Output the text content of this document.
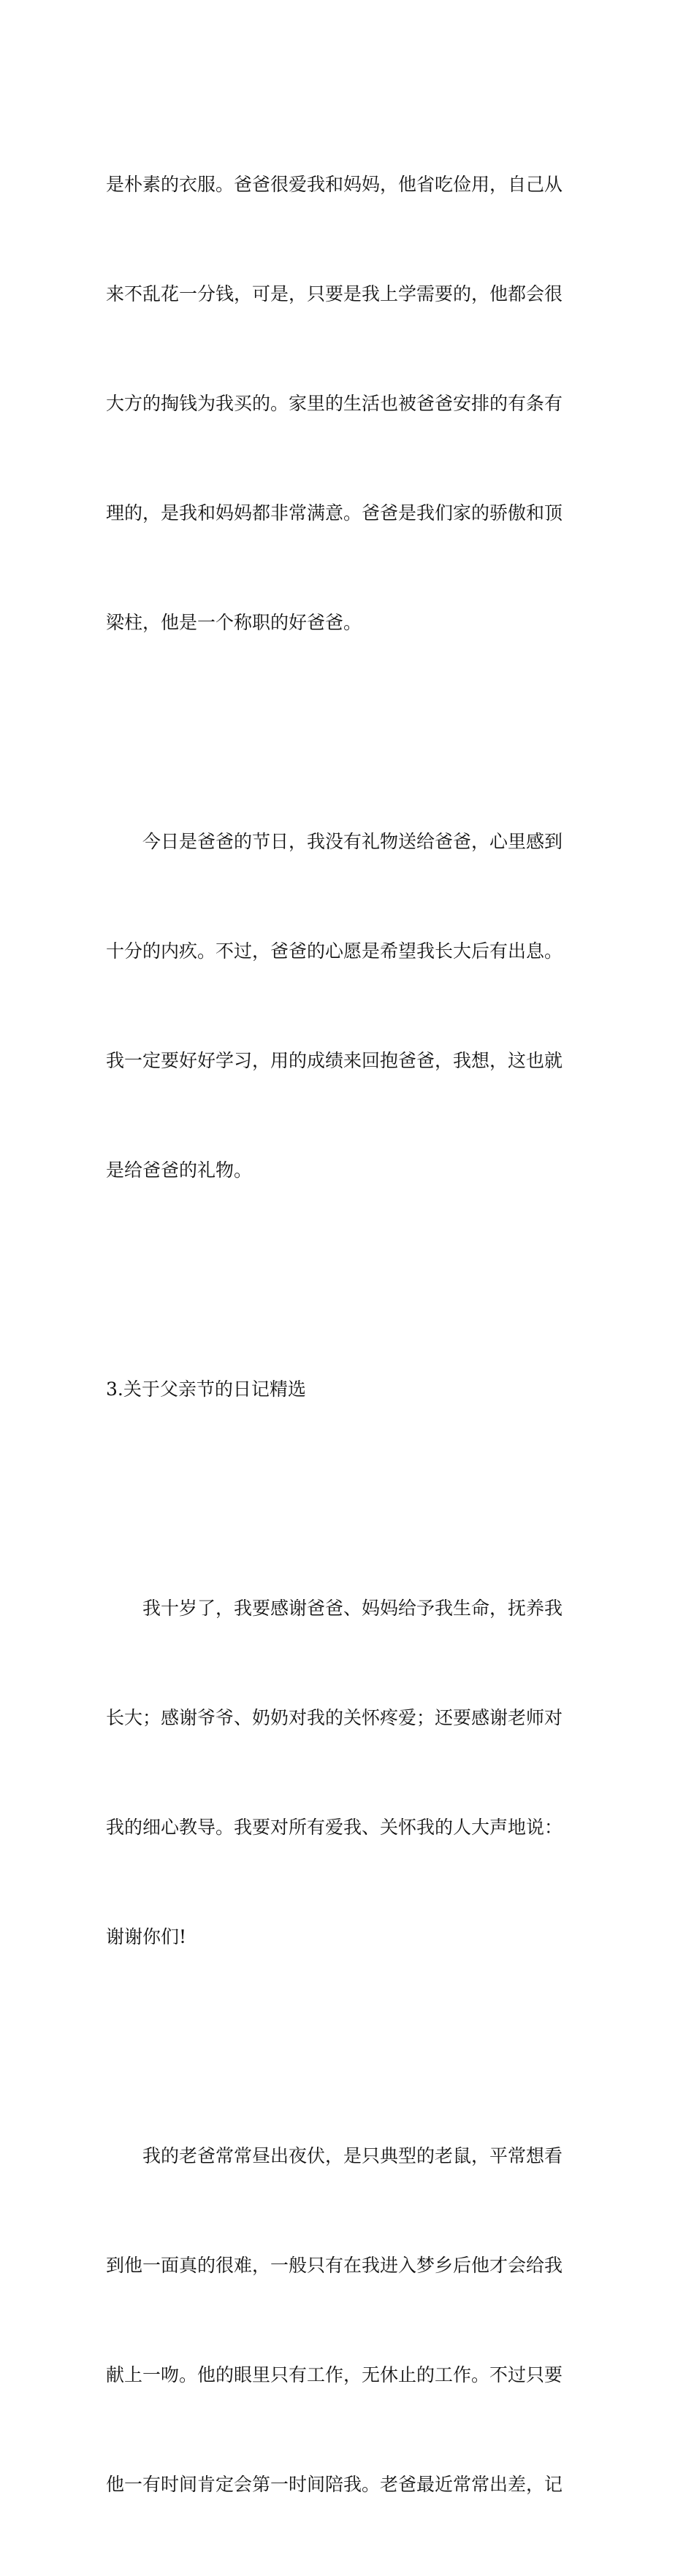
是朴素的衣服。爸爸很爱我和妈妈，他省吃俭用，自己从

来不乱花一分钱，可是，只要是我上学需要的，他都会很

大方的掏钱为我买的。家里的生活也被爸爸安排的有条有

理的，是我和妈妈都非常满意。爸爸是我们家的骄傲和顶

梁柱，他是一个称职的好爸爸。

　　今日是爸爸的节日，我没有礼物送给爸爸，心里感到

十分的内疚。不过，爸爸的心愿是希望我长大后有出息。

我一定要好好学习，用的成绩来回抱爸爸，我想，这也就

是给爸爸的礼物。

3.关于父亲节的日记精选

　　我十岁了，我要感谢爸爸、妈妈给予我生命，抚养我

长大；感谢爷爷、奶奶对我的关怀疼爱；还要感谢老师对

我的细心教导。我要对所有爱我、关怀我的人大声地说：

谢谢你们!

　　我的老爸常常昼出夜伏，是只典型的老鼠，平常想看

到他一面真的很难，一般只有在我进入梦乡后他才会给我

献上一吻。他的眼里只有工作，无休止的工作。不过只要

他一有时间肯定会第一时间陪我。老爸最近常常出差，记
